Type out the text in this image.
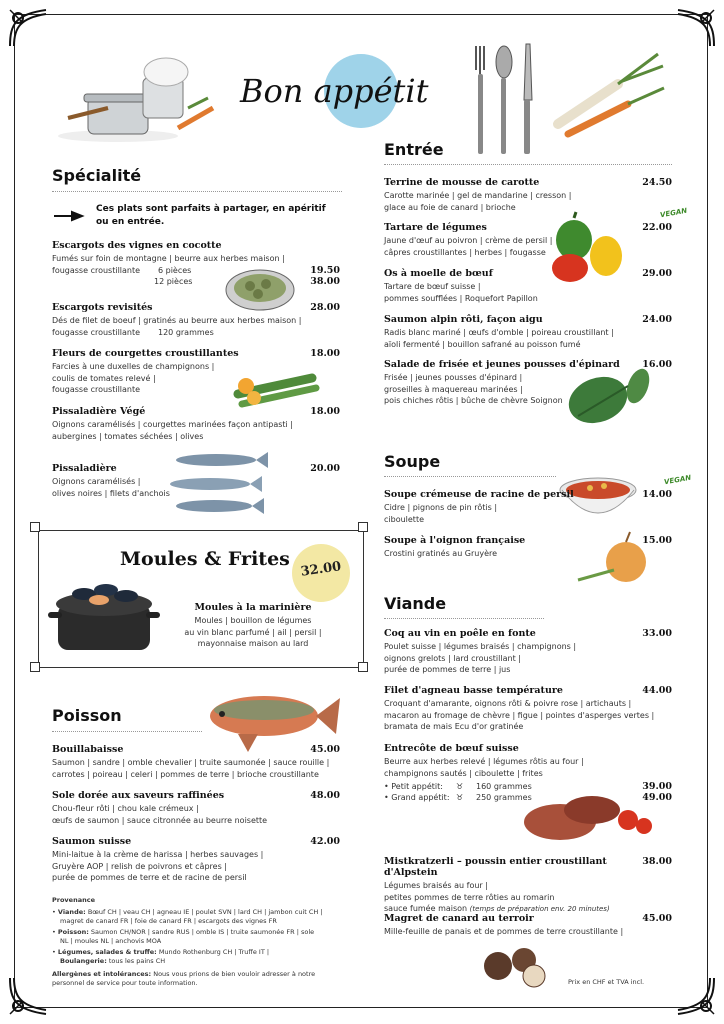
Bon appétit
Spécialité
Ces plats sont parfaits à partager, en apéritif ou en entrée.
Escargots des vignes en cocotte
Fumés sur foin de montagne | beurre aux herbes maison |
fougasse croustillante 6 pièces
12 pièces
19.50
38.00
Escargots revisités
Dés de filet de boeuf | gratinés au beurre aux herbes maison |
fougasse croustillante 120 grammes
28.00
Fleurs de courgettes croustillantes
Farcies à une duxelles de champignons |
coulis de tomates relevé |
fougasse croustillante
18.00
Pissaladière Végé
Oignons caramélisés | courgettes marinées façon antipasti |
aubergines | tomates séchées | olives
18.00
Pissaladière
Oignons caramélisés |
olives noires | filets d'anchois
20.00
Moules & Frites 32.00
Moules à la marinière
Moules | bouillon de légumes
au vin blanc parfumé | ail | persil |
mayonnaise maison au lard
Poisson
Bouillabaisse
Saumon | sandre | omble chevalier | truite saumonée | sauce rouille |
carrotes | poireau | celeri | pommes de terre | brioche croustillante
45.00
Sole dorée aux saveurs raffinées
Chou-fleur rôti | chou kale crémeux |
œufs de saumon | sauce citronnée au beurre noisette
48.00
Saumon suisse
Mini-laitue à la crème de harissa | herbes sauvages |
Gruyère AOP | relish de poivrons et câpres |
purée de pommes de terre et de racine de persil
42.00
Provenance
• Viande: Bœuf CH | veau CH | agneau IE | poulet SVN | lard CH | jambon cuit CH | magret de canard FR | foie de canard FR | escargots des vignes FR
• Poisson: Saumon CH/NOR | sandre RUS | omble IS | truite saumonée FR | sole NL | moules NL | anchovis MOA
• Légumes, salades & truffe: Mundo Rothenburg CH | Truffe IT |
Boulangerie: tous les pains CH
Allergènes et intolérances: Nous vous prions de bien vouloir adresser à notre personnel de service pour toute information.
Entrée
Terrine de mousse de carotte
Carotte marinée | gel de mandarine | cresson |
glace au foie de canard | brioche
24.50
Tartare de légumes
Jaune d'œuf au poivron | crème de persil |
câpres croustillantes | herbes | fougasse
22.00
VEGAN
Os à moelle de bœuf
Tartare de bœuf suisse |
pommes soufflées | Roquefort Papillon
29.00
Saumon alpin rôti, façon aigu
Radis blanc mariné | œufs d'omble | poireau croustillant |
aïoli fermenté | bouillon safrané au poisson fumé
24.00
Salade de frisée et jeunes pousses d'épinard
Frisée | jeunes pousses d'épinard |
groseilles à maquereau marinées |
pois chiches rôtis | bûche de chèvre Soignon
16.00
Soupe
VEGAN
Soupe crémeuse de racine de persil
Cidre | pignons de pin rôtis |
ciboulette
14.00
Soupe à l'oignon française
Crostini gratinés au Gruyère
15.00
Viande
Coq au vin en poêle en fonte
Poulet suisse | légumes braisés | champignons |
oignons grelots | lard croustillant |
purée de pommes de terre | jus
33.00
Filet d'agneau basse température
Croquant d'amarante, oignons rôti & poivre rose | artichauts |
macaron au fromage de chèvre | figue | pointes d'asperges vertes |
bramata de mais Ecu d'or gratinée
44.00
Entrecôte de bœuf suisse
Beurre aux herbes relevé | légumes rôtis au four |
champignons sautés | ciboulette | frites
• Petit appétit: ♉ 160 grammes
• Grand appétit: ♉ 250 grammes
39.00
49.00
Mistkratzerli – poussin entier croustillant d'Alpstein
Légumes braisés au four |
petites pommes de terre rôties au romarin
sauce fumée maison (temps de préparation env. 20 minutes)
38.00
Magret de canard au terroir
Mille-feuille de panais et de pommes de terre croustillante |
45.00
Prix en CHF et TVA incl.
